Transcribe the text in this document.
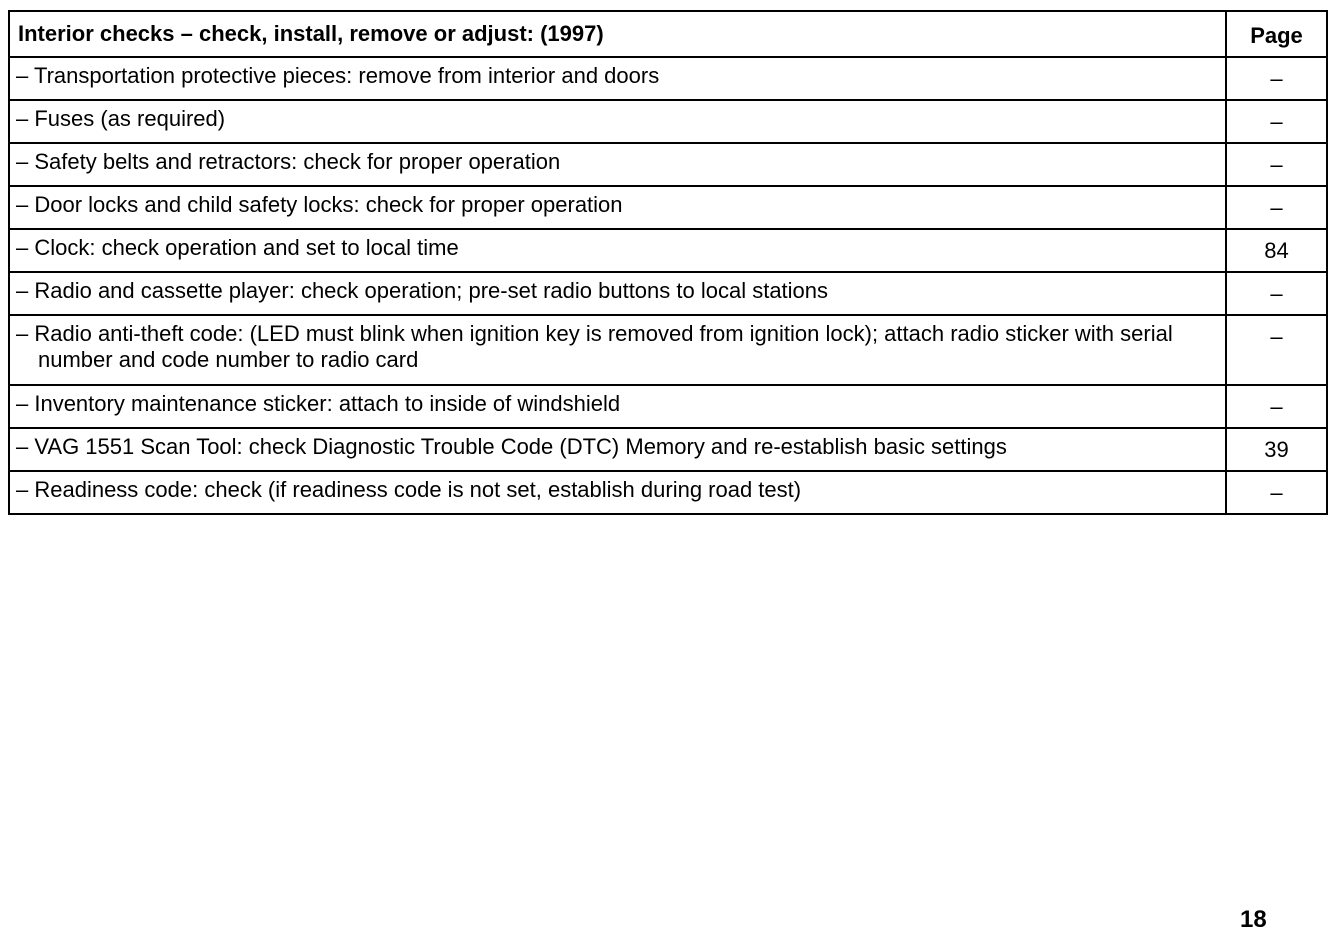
Interior checks – check, install, remove or adjust: (1997)	Page

– Transportation protective pieces: remove from interior and doors	–

– Fuses (as required)	–

– Safety belts and retractors: check for proper operation	–

– Door locks and child safety locks: check for proper operation	–

– Clock: check operation and set to local time	84

– Radio and cassette player: check operation; pre-set radio buttons to local stations	–

– Radio anti-theft code: (LED must blink when ignition key is removed from ignition lock); attach radio sticker with serial number and code number to radio card	–

– Inventory maintenance sticker: attach to inside of windshield	–

– VAG 1551 Scan Tool: check Diagnostic Trouble Code (DTC) Memory and re-establish basic settings	39

– Readiness code: check (if readiness code is not set, establish during road test)	–
18
